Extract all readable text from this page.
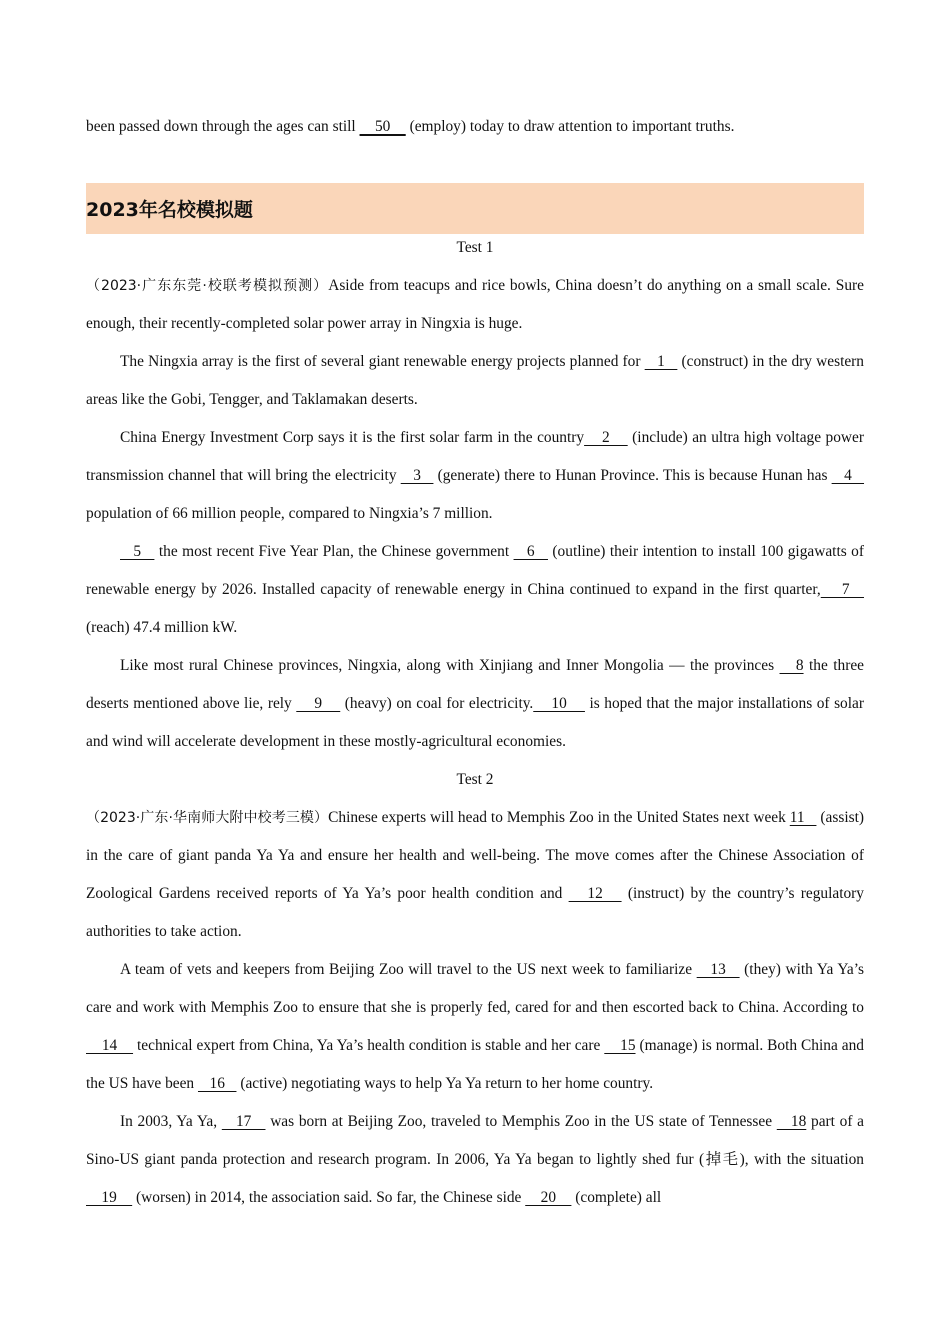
been passed down through the ages can still     50     (employ) today to draw attention to important truths.

2023年名校模拟题

Test 1

（2023·广东东莞·校联考模拟预测）Aside from teacups and rice bowls, China doesn’t do anything on a small scale. Sure enough, their recently-completed solar power array in Ningxia is huge.

The Ningxia array is the first of several giant renewable energy projects planned for    1    (construct) in the dry western areas like the Gobi, Tengger, and Taklamakan deserts.

China Energy Investment Corp says it is the first solar farm in the country    2     (include) an ultra high voltage power transmission channel that will bring the electricity    3    (generate) there to Hunan Province. This is because Hunan has    4    population of 66 million people, compared to Ningxia’s 7 million.

5    the most recent Five Year Plan, the Chinese government    6    (outline) their intention to install 100 gigawatts of renewable energy by 2026. Installed capacity of renewable energy in China continued to expand in the first quarter,    7    (reach) 47.4 million kW.

Like most rural Chinese provinces, Ningxia, along with Xinjiang and Inner Mongolia — the provinces    8 the three deserts mentioned above lie, rely     9     (heavy) on coal for electricity.    10     is hoped that the major installations of solar and wind will accelerate development in these mostly-agricultural economies.

Test 2

（2023·广东·华南师大附中校考三模）Chinese experts will head to Memphis Zoo in the United States next week 11    (assist) in the care of giant panda Ya Ya and ensure her health and well-being. The move comes after the Chinese Association of Zoological Gardens received reports of Ya Ya’s poor health condition and    12    (instruct) by the country’s regulatory authorities to take action.

A team of vets and keepers from Beijing Zoo will travel to the US next week to familiarize    13    (they) with Ya Ya’s care and work with Memphis Zoo to ensure that she is properly fed, cared for and then escorted back to China. According to     14     technical expert from China, Ya Ya’s health condition is stable and her care     15 (manage) is normal. Both China and the US have been    16    (active) negotiating ways to help Ya Ya return to her home country.

In 2003, Ya Ya,    17    was born at Beijing Zoo, traveled to Memphis Zoo in the US state of Tennessee    18 part of a Sino-US giant panda protection and research program. In 2006, Ya Ya began to lightly shed fur (掉毛), with the situation     19     (worsen) in 2014, the association said. So far, the Chinese side     20     (complete) all
